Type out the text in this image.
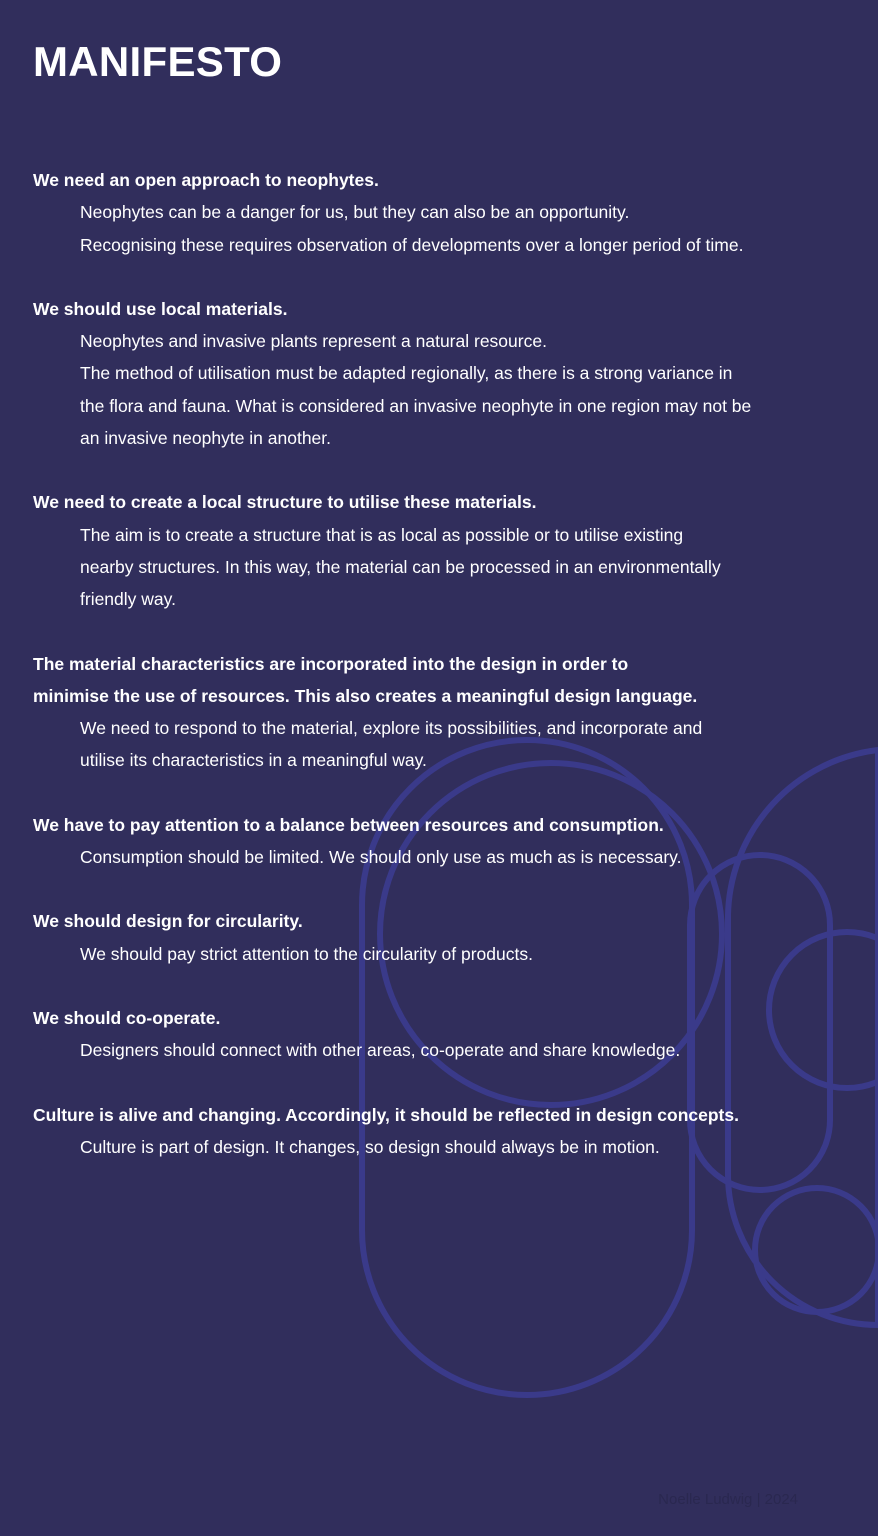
MANIFESTO
We need an open approach to neophytes.
Neophytes can be a danger for us, but they can also be an opportunity.
Recognising these requires observation of developments over a longer period of time.
We should use local materials.
Neophytes and invasive plants represent a natural resource.
The method of utilisation must be adapted regionally, as there is a strong variance in
the flora and fauna. What is considered an invasive neophyte in one region may not be
an invasive neophyte in another.
We need to create a local structure to utilise these materials.
The aim is to create a structure that is as local as possible or to utilise existing
nearby structures. In this way, the material can be processed in an environmentally
friendly way.
The material characteristics are incorporated into the design in order to
minimise the use of resources. This also creates a meaningful design language.
We need to respond to the material, explore its possibilities, and incorporate and
utilise its characteristics in a meaningful way.
We have to pay attention to a balance between resources and consumption.
Consumption should be limited. We should only use as much as is necessary.
We should design for circularity.
We should pay strict attention to the circularity of products.
We should co-operate.
Designers should connect with other areas, co-operate and share knowledge.
Culture is alive and changing. Accordingly, it should be reflected in design concepts.
Culture is part of design. It changes, so design should always be in motion.
Noelle Ludwig | 2024
